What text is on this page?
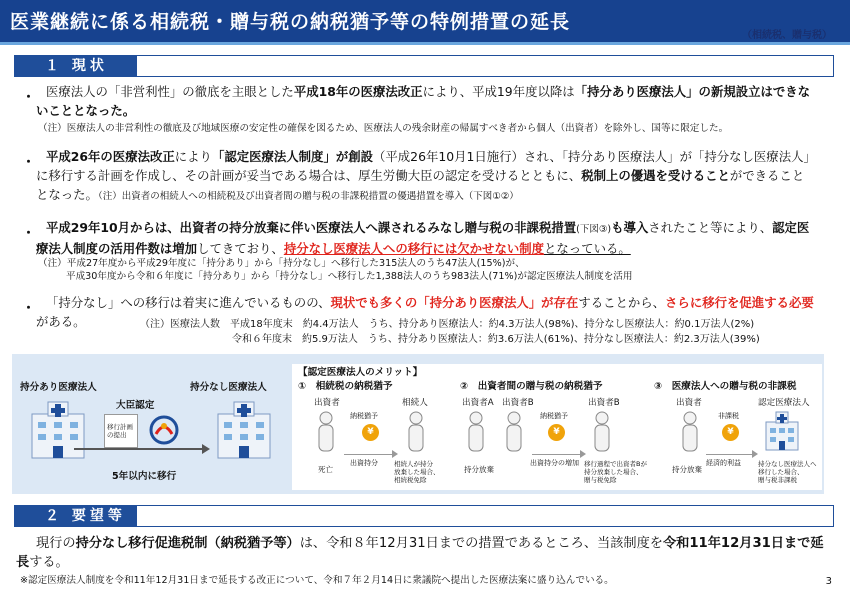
医業継続に係る相続税・贈与税の納税猶予等の特例措置の延長
（相続税、贈与税）
１ 現状
・ 医療法人の「非営利性」の徹底を主眼とした平成18年の医療法改正により、平成19年度以降は「持分あり医療法人」の新規設立はできないこととなった。
（注）医療法人の非営利性の徹底及び地域医療の安定性の確保を図るため、医療法人の残余財産の帰属すべき者から個人（出資者）を除外し、国等に限定した。
・ 平成26年の医療法改正により「認定医療法人制度」が創設（平成26年10月1日施行）され、「持分あり医療法人」が「持分なし医療法人」に移行する計画を作成し、その計画が妥当である場合は、厚生労働大臣の認定を受けるとともに、税制上の優遇を受けることができることとなった。（注）出資者の相続人への相続税及び出資者間の贈与税の非課税措置の優遇措置を導入（下図①②）
・ 平成29年10月からは、出資者の持分放棄に伴い医療法人へ課されるみなし贈与税の非課税措置(下図③)も導入されたこと等により、認定医療法人制度の活用件数は増加してきており、持分なし医療法人への移行には欠かせない制度となっている。
（注）平成27年度から平成29年度に「持分あり」から「持分なし」へ移行した315法人のうち47法人(15%)が、
平成30年度から令和６年度に「持分あり」から「持分なし」へ移行した1,388法人のうち983法人(71%)が認定医療法人制度を活用
・ 「持分なし」への移行は着実に進んでいるものの、現状でも多くの「持分あり医療法人」が存在することから、さらに移行を促進する必要がある。	（注）医療法人数　平成18年度末　約4.4万法人　うち、持分あり医療法人：約4.3万法人(98%)、持分なし医療法人：約0.1万法人(2%)
令和６年度末　約5.9万法人　うち、持分あり医療法人：約3.6万法人(61%)、持分なし医療法人：約2.3万法人(39%)
持分あり医療法人	持分なし医療法人
大臣認定
移行計画の提出
5年以内に移行
【認定医療法人のメリット】
①　相続税の納税猶予
出資者	相続人
納税猶予
¥
出資持分
死亡
相続人が持分
放棄した場合、
相続税免除
②　出資者間の贈与税の納税猶予
出資者A 出資者B	出資者B
納税猶予
¥
出資持分の増加
持分放棄
移行過程で出資者Bが
持分放棄した場合、
贈与税免除
③　医療法人への贈与税の非課税
出資者	認定医療法人
非課税
¥
経済的利益
持分放棄
持分なし医療法人へ
移行した場合、
贈与税非課税
２ 要望等
現行の持分なし移行促進税制（納税猶予等）は、令和８年12月31日までの措置であるところ、当該制度を令和11年12月31日まで延長する。
※認定医療法人制度を令和11年12月31日まで延長する改正について、令和７年２月14日に衆議院へ提出した医療法案に盛り込んでいる。	3
